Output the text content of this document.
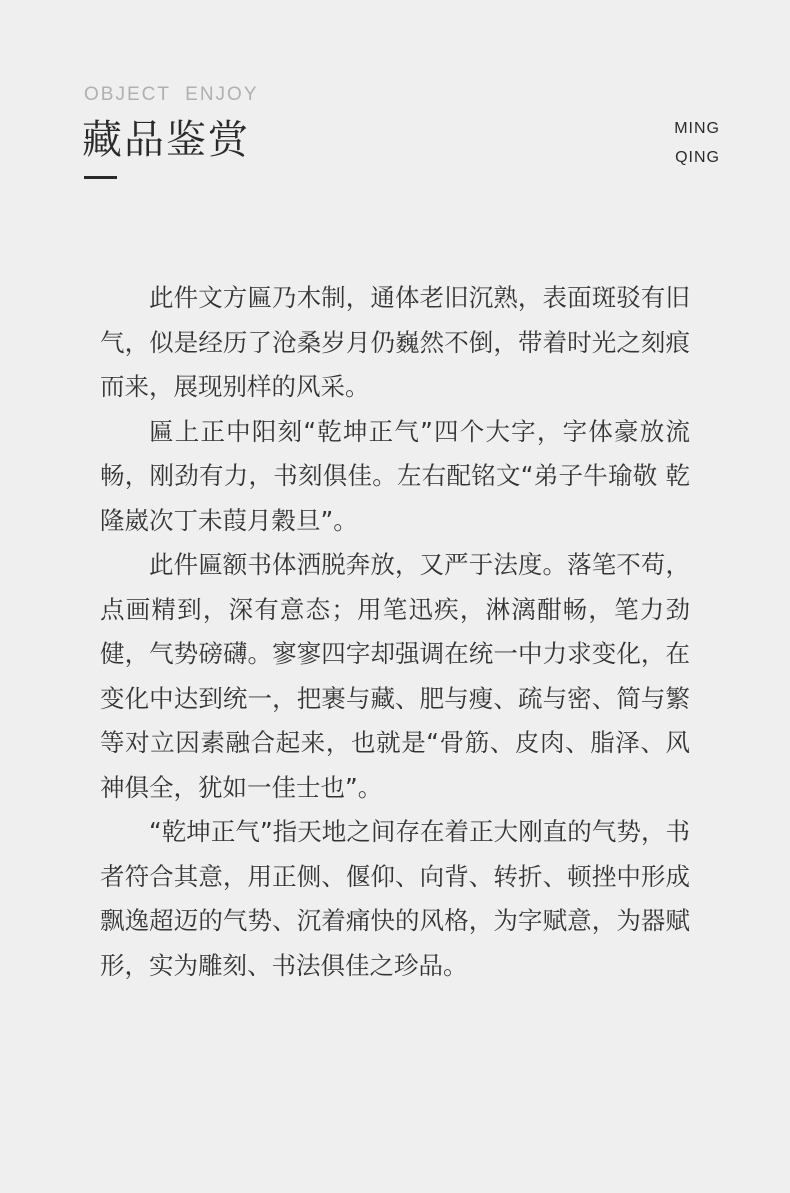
OBJECT  ENJOY
藏品鉴赏	MING
QING

此件文方匾乃木制，通体老旧沉熟，表面斑驳有旧气，似是经历了沧桑岁月仍巍然不倒，带着时光之刻痕而来，展现别样的风采。

匾上正中阳刻“乾坤正气”四个大字，字体豪放流畅，刚劲有力，书刻俱佳。左右配铭文“弟子牛瑜敬 乾隆崴次丁未葭月穀旦”。

此件匾额书体洒脱奔放，又严于法度。落笔不苟，点画精到，深有意态；用笔迅疾，淋漓酣畅，笔力劲健，气势磅礴。寥寥四字却强调在统一中力求变化，在变化中达到统一，把裹与藏、肥与瘦、疏与密、简与繁等对立因素融合起来，也就是“骨筋、皮肉、脂泽、风神俱全，犹如一佳士也”。

“乾坤正气”指天地之间存在着正大刚直的气势，书者符合其意，用正侧、偃仰、向背、转折、顿挫中形成飘逸超迈的气势、沉着痛快的风格，为字赋意，为器赋形，实为雕刻、书法俱佳之珍品。
